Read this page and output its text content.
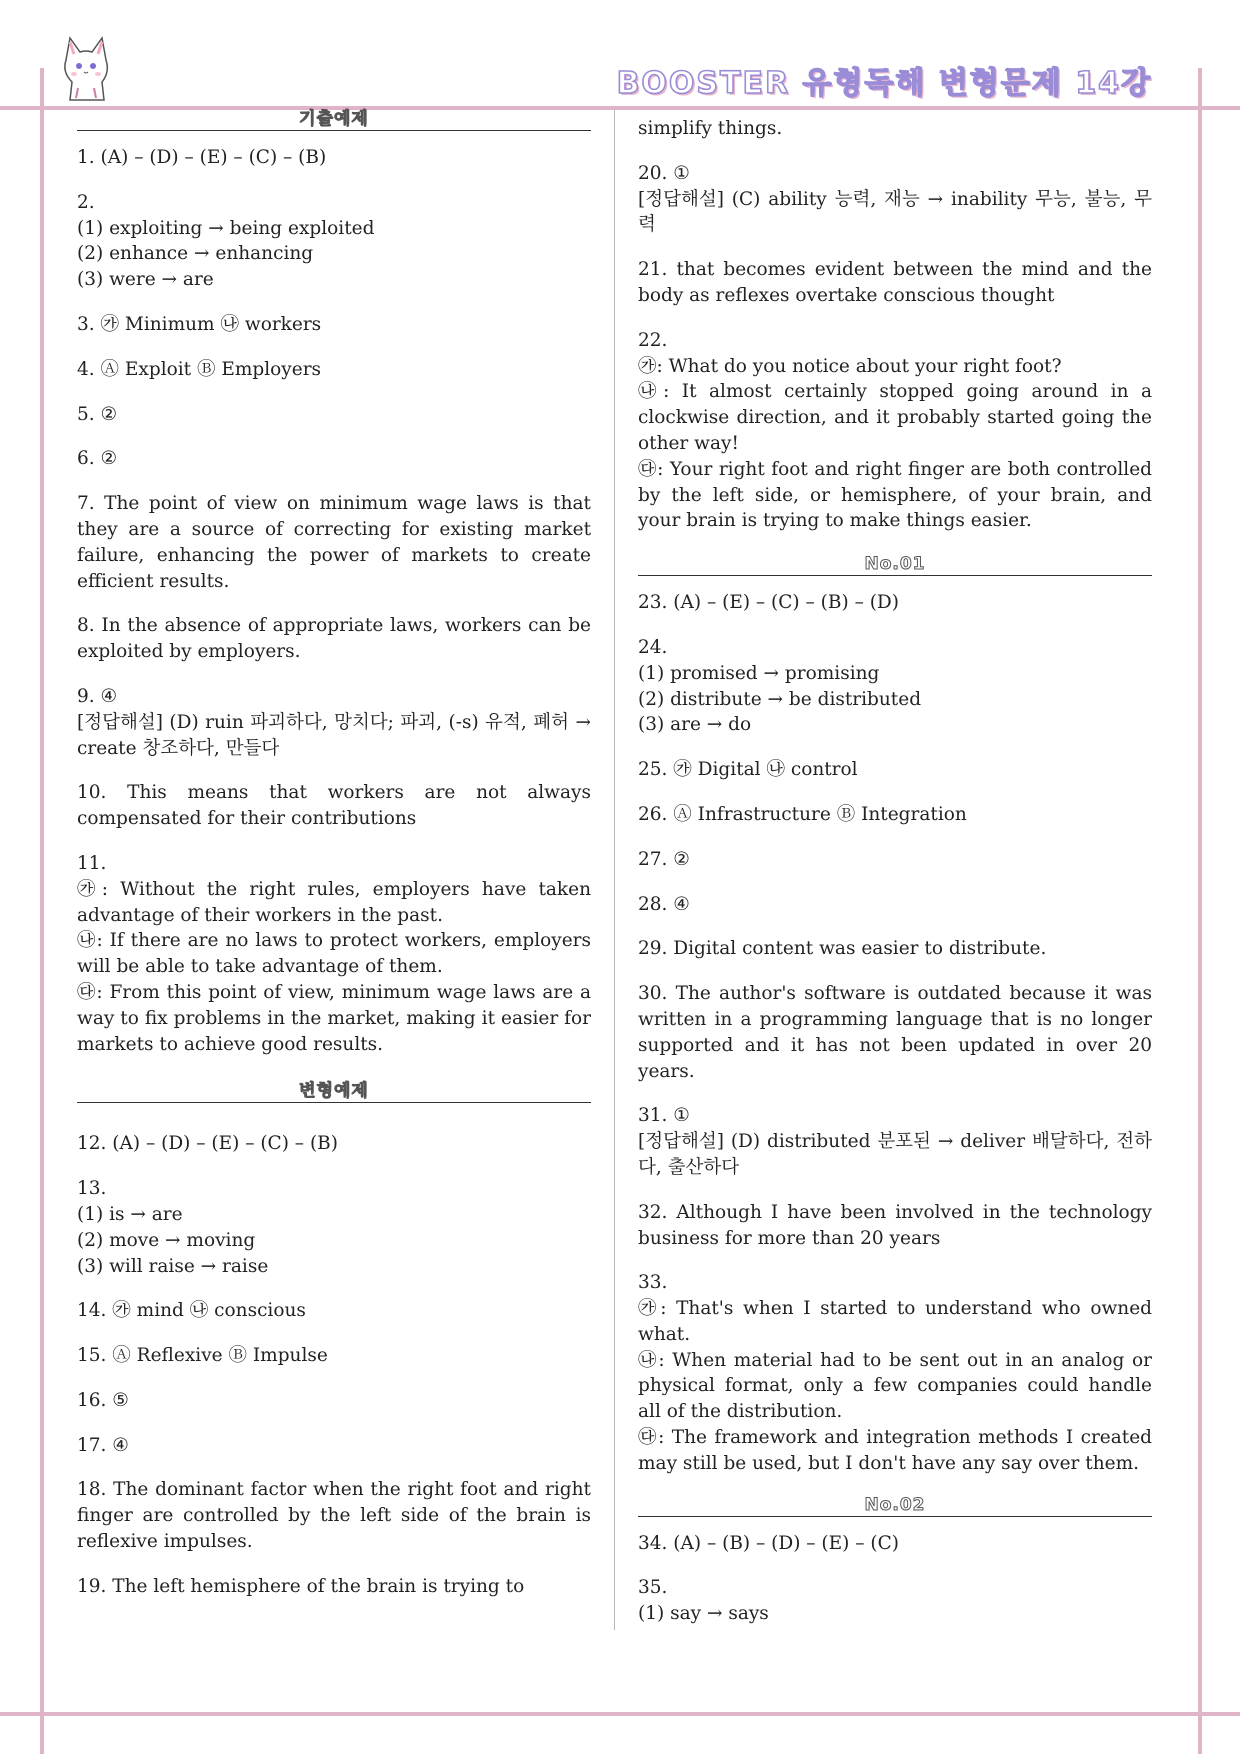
BOOSTER 유형독해 변형문제 14강
기출예제

1. (A) – (D) – (E) – (C) – (B)

2.

(1) exploiting → being exploited

(2) enhance → enhancing

(3) were → are

3. ㉮ Minimum ㉯ workers

4. Ⓐ Exploit Ⓑ Employers

5. ②

6. ②

7. The point of view on minimum wage laws is that they are a source of correcting for existing market failure, enhancing the power of markets to create efficient results.

8. In the absence of appropriate laws, workers can be exploited by employers.

9. ④

[정답해설] (D) ruin 파괴하다, 망치다; 파괴, (-s) 유적, 폐허 → create 창조하다, 만들다

10. This means that workers are not always compensated for their contributions

11.

㉮: Without the right rules, employers have taken advantage of their workers in the past.

㉯: If there are no laws to protect workers, employers will be able to take advantage of them.

㉰: From this point of view, minimum wage laws are a way to fix problems in the market, making it easier for markets to achieve good results.

변형예제

12. (A) – (D) – (E) – (C) – (B)

13.

(1) is → are

(2) move → moving

(3) will raise → raise

14. ㉮ mind ㉯ conscious

15. Ⓐ Reflexive Ⓑ Impulse

16. ⑤

17. ④

18. The dominant factor when the right foot and right finger are controlled by the left side of the brain is reflexive impulses.

19. The left hemisphere of the brain is trying to

simplify things.

20. ①

[정답해설] (C) ability 능력, 재능 → inability 무능, 불능, 무력

21. that becomes evident between the mind and the body as reflexes overtake conscious thought

22.

㉮: What do you notice about your right foot?

㉯: It almost certainly stopped going around in a clockwise direction, and it probably started going the other way!

㉰: Your right foot and right finger are both controlled by the left side, or hemisphere, of your brain, and your brain is trying to make things easier.

No.01

23. (A) – (E) – (C) – (B) – (D)

24.

(1) promised → promising

(2) distribute → be distributed

(3) are → do

25. ㉮ Digital ㉯ control

26. Ⓐ Infrastructure Ⓑ Integration

27. ②

28. ④

29. Digital content was easier to distribute.

30. The author's software is outdated because it was written in a programming language that is no longer supported and it has not been updated in over 20 years.

31. ①

[정답해설] (D) distributed 분포된 → deliver 배달하다, 전하다, 출산하다

32. Although I have been involved in the technology business for more than 20 years

33.

㉮: That's when I started to understand who owned what.

㉯: When material had to be sent out in an analog or physical format, only a few companies could handle all of the distribution.

㉰: The framework and integration methods I created may still be used, but I don't have any say over them.

No.02

34. (A) – (B) – (D) – (E) – (C)

35.

(1) say → says
